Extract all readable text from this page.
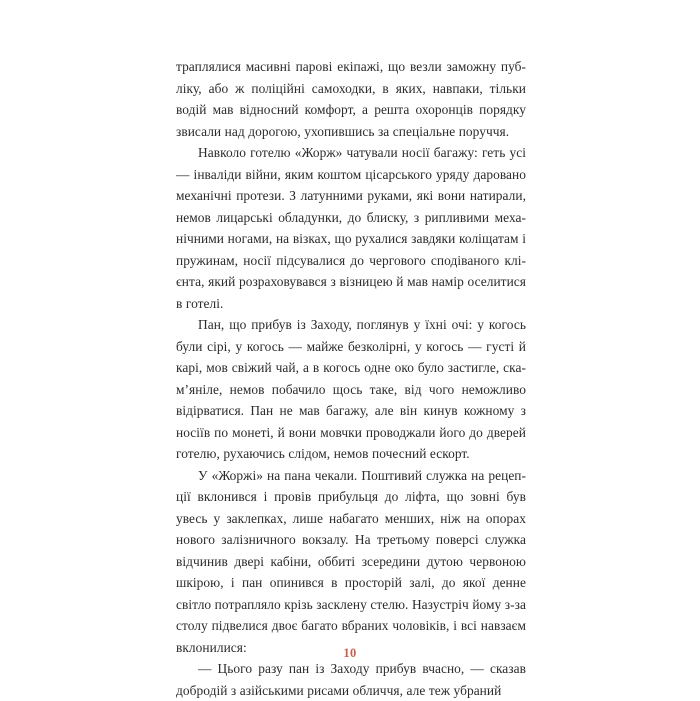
траплялися масивні парові екіпажі, що везли заможну публіку, або ж поліційні самоходки, в яких, навпаки, тільки водій мав відносний комфорт, а решта охоронців порядку звисали над дорогою, ухопившись за спеціальне поруччя.

Навколо готелю «Жорж» чатували носії багажу: геть усі — інваліди війни, яким коштом цісарського уряду даровано механічні протези. З латунними руками, які вони натирали, немов лицарські обладунки, до блиску, з рипливими механічними ногами, на візках, що рухалися завдяки коліщатам і пружинам, носії підсувалися до чергового сподіваного клієнта, який розраховувався з візницею й мав намір оселитися в готелі.

Пан, що прибув із Заходу, поглянув у їхні очі: у когось були сірі, у когось — майже безколірні, у когось — густі й карі, мов свіжий чай, а в когось одне око було застигле, скам’яніле, немов побачило щось таке, від чого неможливо відірватися. Пан не мав багажу, але він кинув кожному з носіїв по монеті, й вони мовчки проводжали його до дверей готелю, рухаючись слідом, немов почесний ескорт.

У «Жоржі» на пана чекали. Поштивий служка на рецепції вклонився і провів прибульця до ліфта, що зовні був увесь у заклепках, лише набагато менших, ніж на опорах нового залізничного вокзалу. На третьому поверсі служка відчинив двері кабіни, оббиті зсередини дутою червоною шкірою, і пан опинився в просторій залі, до якої денне світло потрапляло крізь засклену стелю. Назустріч йому з-за столу підвелися двоє багато вбраних чоловіків, і всі навзаєм вклонилися:

— Цього разу пан із Заходу прибув вчасно, — сказав добродій з азійськими рисами обличчя, але теж убраний

10
